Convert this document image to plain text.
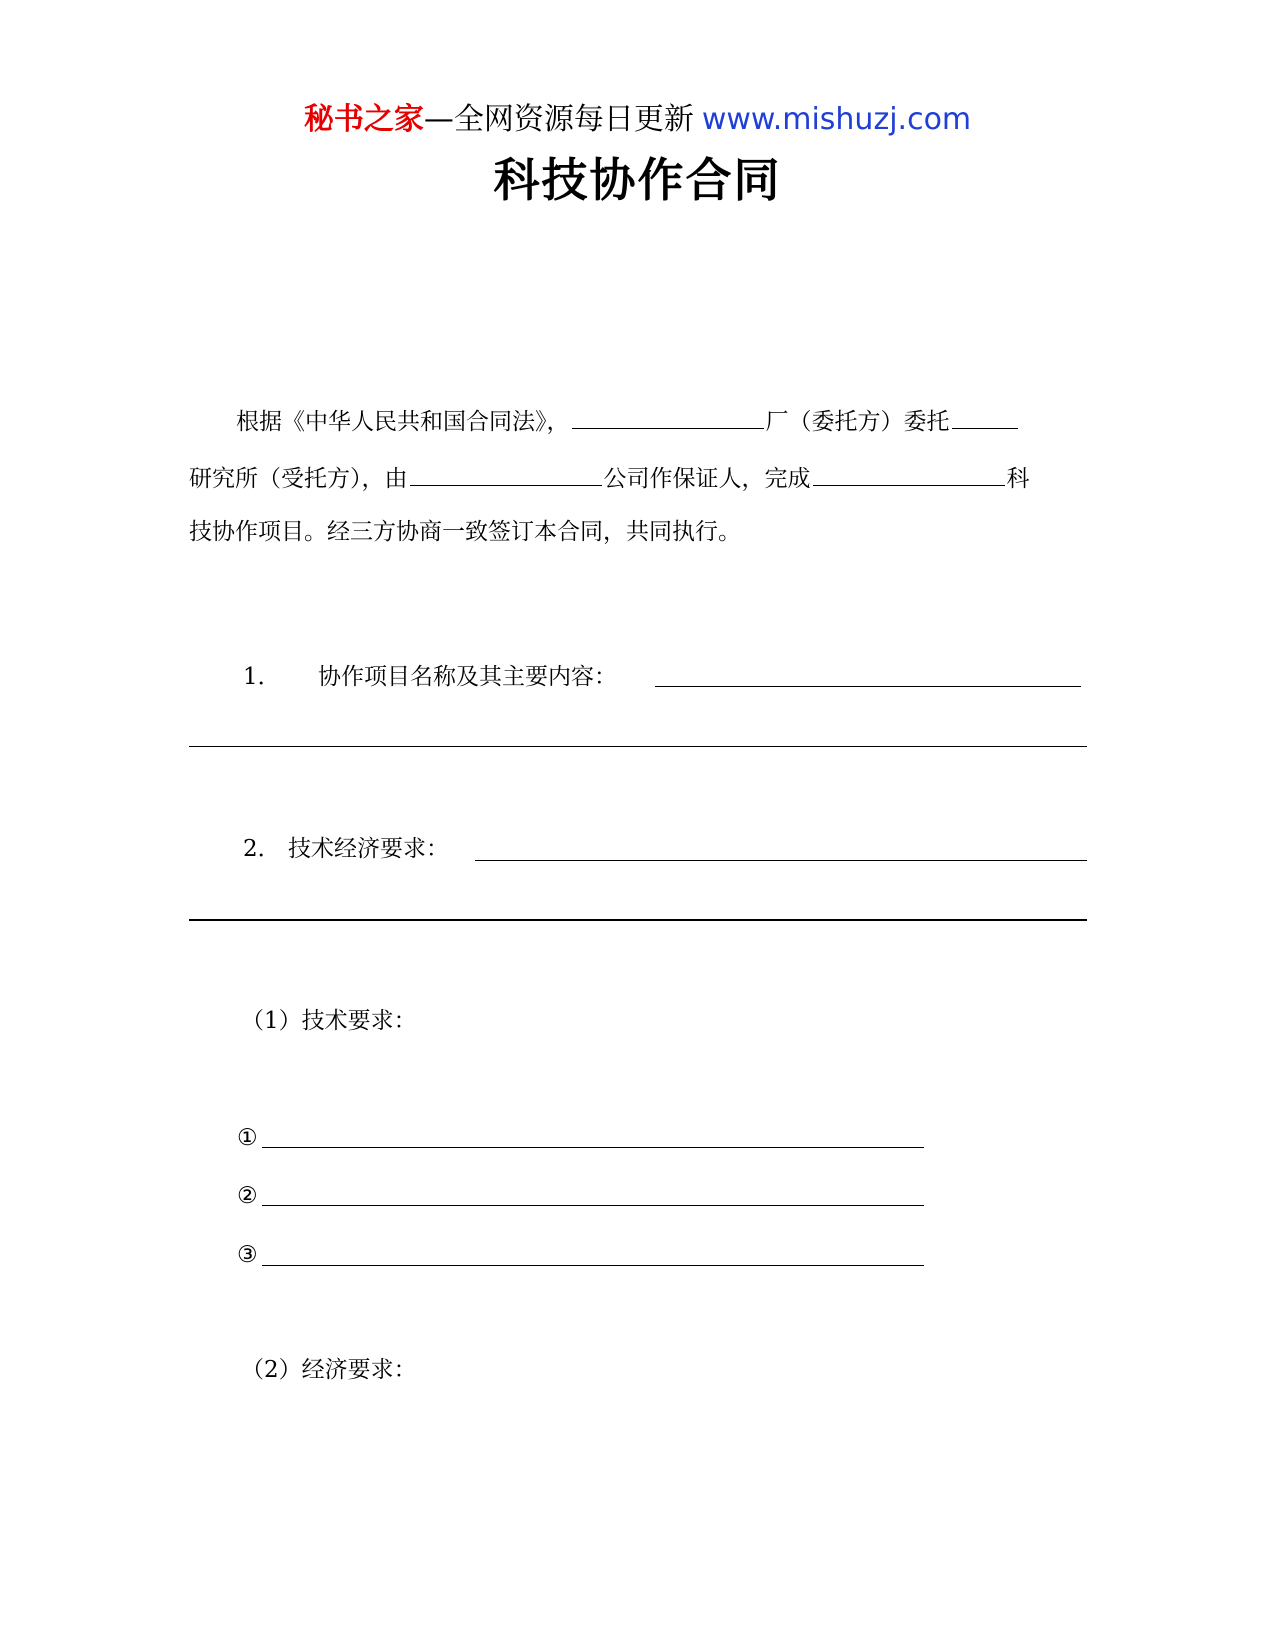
秘书之家—全网资源每日更新 www.mishuzj.com
科技协作合同
根据《中华人民共和国合同法》，	厂（委托方）委托
研究所（受托方），由	公司作保证人，完成	科
技协作项目。经三方协商一致签订本合同，共同执行。
1． 协作项目名称及其主要内容：
2． 技术经济要求：
（1）技术要求：
①
②
③
（2）经济要求：
